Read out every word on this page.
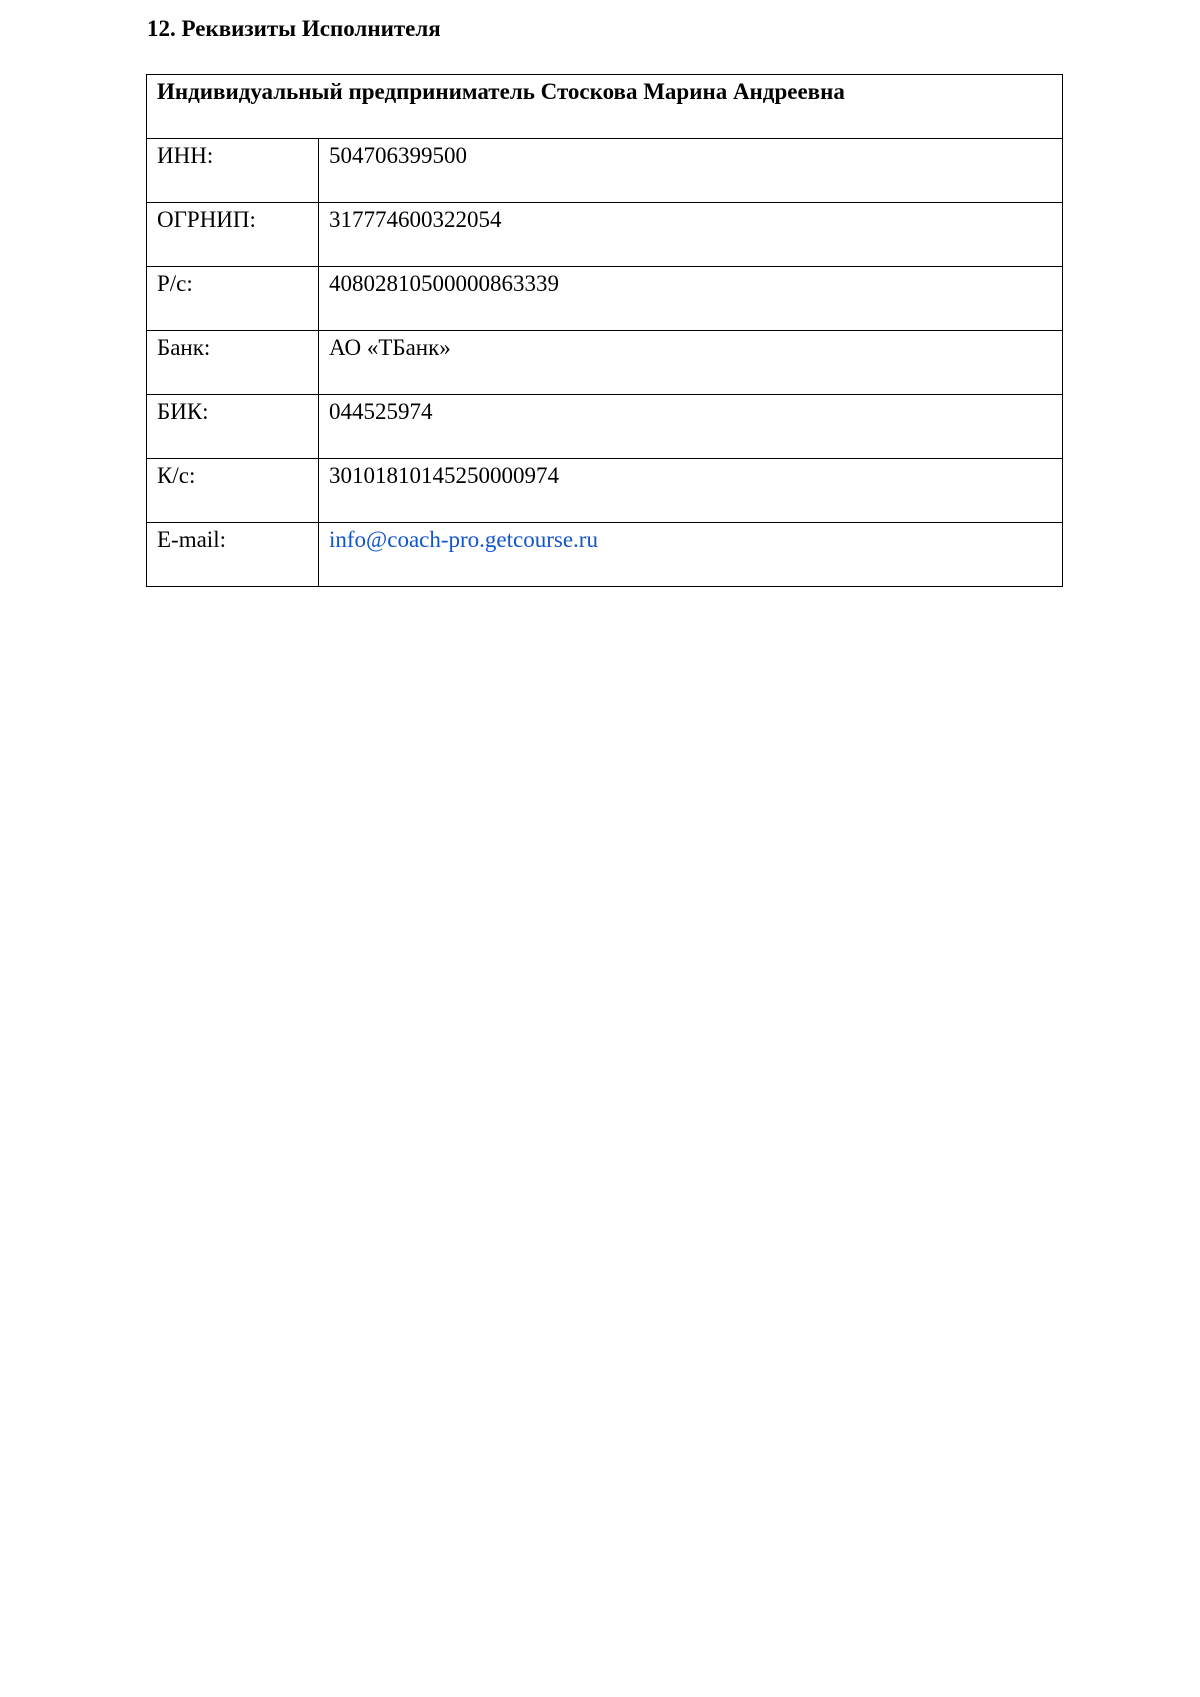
12. Реквизиты Исполнителя
Индивидуальный предприниматель Стоскова Марина Андреевна	
ИНН:	504706399500
ОГРНИП:	317774600322054
Р/с:	40802810500000863339
Банк:	АО «ТБанк»
БИК:	044525974
К/с:	30101810145250000974
E-mail:	info@coach-pro.getcourse.ru
